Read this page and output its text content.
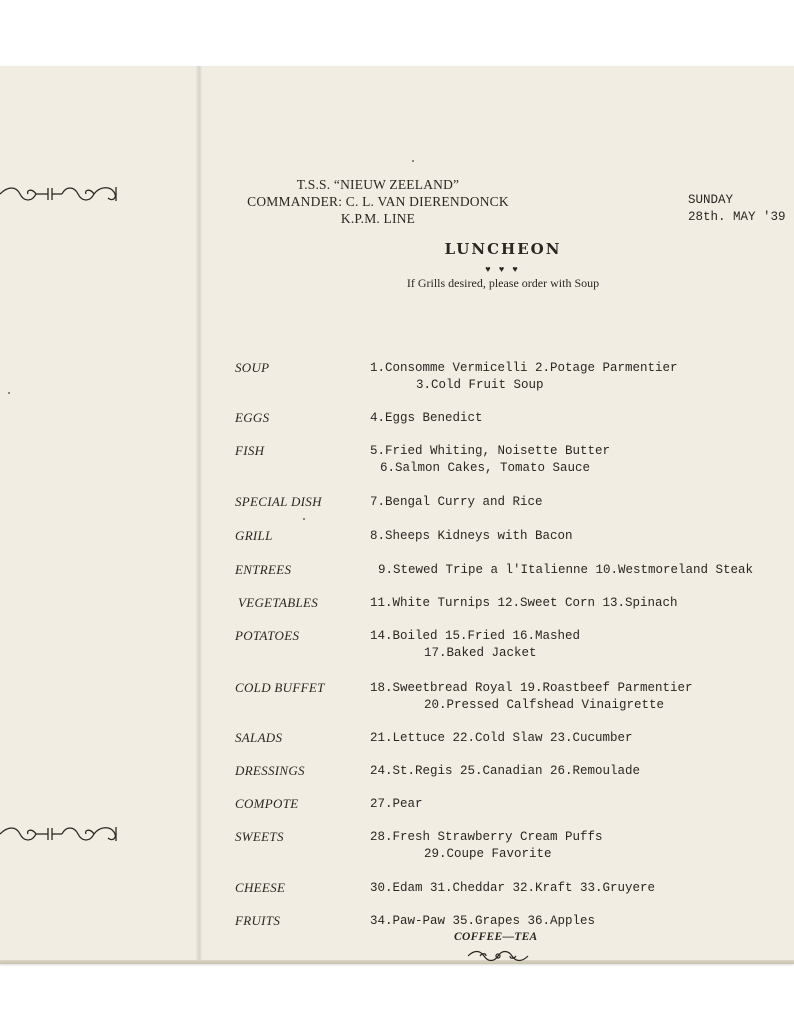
T.S.S. “NIEUW ZEELAND”
COMMANDER: C. L. VAN DIERENDONCK
K.P.M. LINE
SUNDAY
28th. MAY '39
LUNCHEON
♥ ♥ ♥
If Grills desired, please order with Soup
SOUP	1.Consomme Vermicelli 2.Potage Parmentier
3.Cold Fruit Soup
EGGS	4.Eggs Benedict
FISH	5.Fried Whiting, Noisette Butter
6.Salmon Cakes, Tomato Sauce
SPECIAL DISH	7.Bengal Curry and Rice
GRILL	8.Sheeps Kidneys with Bacon
ENTREES	9.Stewed Tripe a l'Italienne 10.Westmoreland Steak
VEGETABLES	11.White Turnips 12.Sweet Corn 13.Spinach
POTATOES	14.Boiled 15.Fried 16.Mashed
17.Baked Jacket
COLD BUFFET	18.Sweetbread Royal 19.Roastbeef Parmentier
20.Pressed Calfshead Vinaigrette
SALADS	21.Lettuce 22.Cold Slaw 23.Cucumber
DRESSINGS	24.St.Regis 25.Canadian 26.Remoulade
COMPOTE	27.Pear
SWEETS	28.Fresh Strawberry Cream Puffs
29.Coupe Favorite
CHEESE	30.Edam 31.Cheddar 32.Kraft 33.Gruyere
FRUITS	34.Paw-Paw 35.Grapes 36.Apples
COFFEE—TEA
